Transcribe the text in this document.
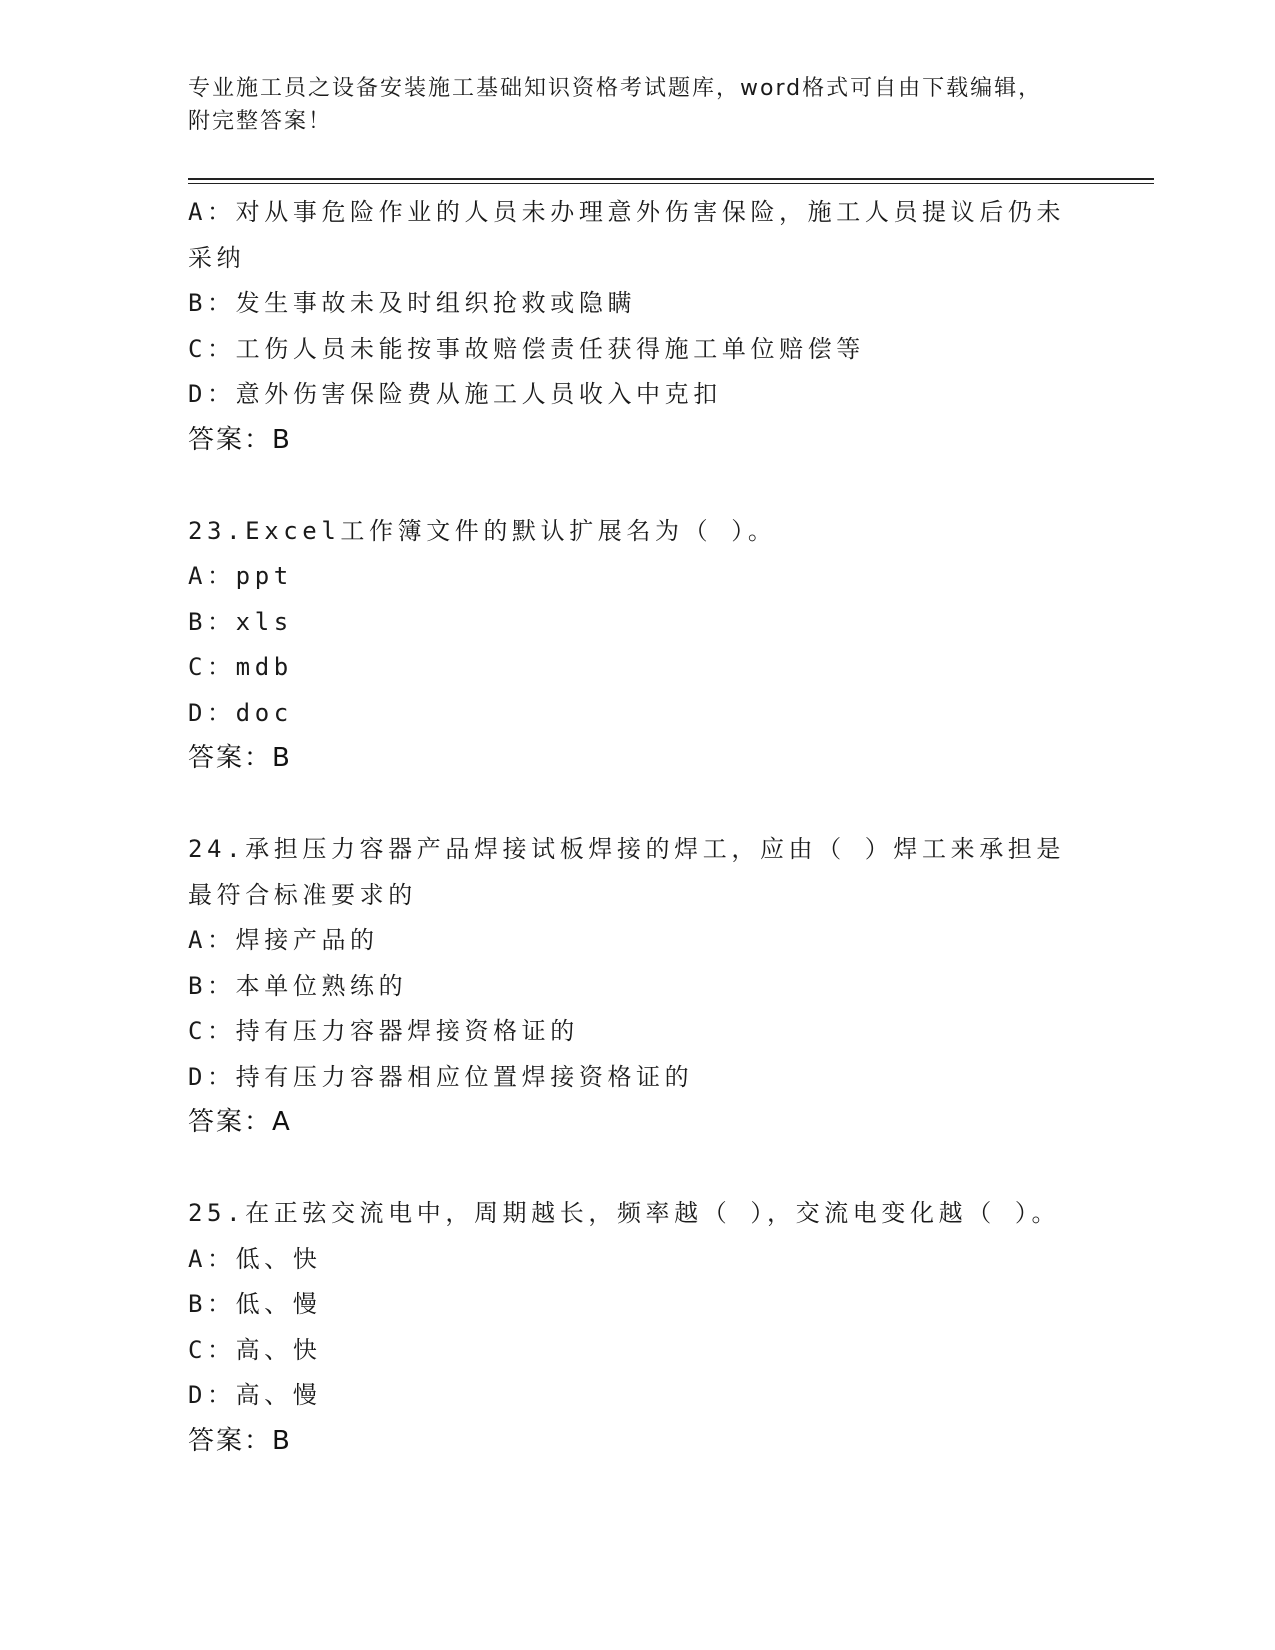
专业施工员之设备安装施工基础知识资格考试题库，word格式可自由下载编辑，
附完整答案！
A：对从事危险作业的人员未办理意外伤害保险，施工人员提议后仍未
采纳
B：发生事故未及时组织抢救或隐瞒
C：工伤人员未能按事故赔偿责任获得施工单位赔偿等
D：意外伤害保险费从施工人员收入中克扣
答案：B
23.Excel工作簿文件的默认扩展名为（ ）。
A：ppt
B：xls
C：mdb
D：doc
答案：B
24.承担压力容器产品焊接试板焊接的焊工，应由（ ）焊工来承担是
最符合标准要求的
A：焊接产品的
B：本单位熟练的
C：持有压力容器焊接资格证的
D：持有压力容器相应位置焊接资格证的
答案：A
25.在正弦交流电中，周期越长，频率越（ ），交流电变化越（ ）。
A：低、快
B：低、慢
C：高、快
D：高、慢
答案：B
